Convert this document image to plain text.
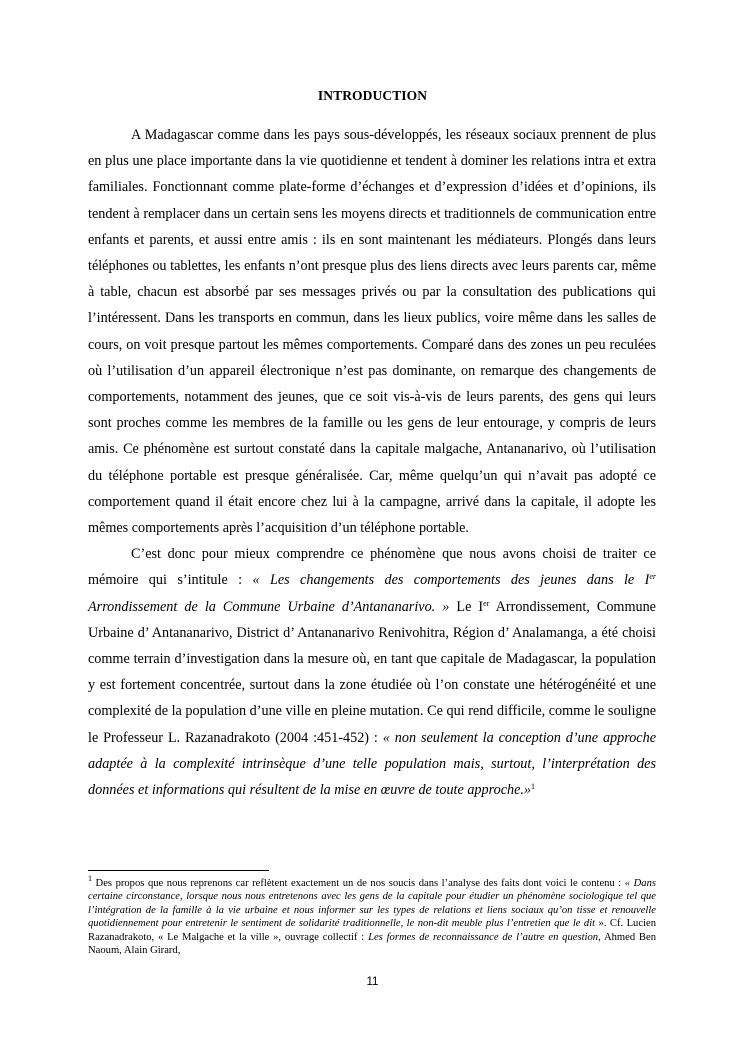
INTRODUCTION

A Madagascar comme dans les pays sous-développés, les réseaux sociaux prennent de plus en plus une place importante dans la vie quotidienne et tendent à dominer les relations intra et extra familiales. Fonctionnant comme plate-forme d’échanges et d’expression d’idées et d’opinions, ils tendent à remplacer dans un certain sens les moyens directs et traditionnels de communication entre enfants et parents, et aussi entre amis : ils en sont maintenant les médiateurs. Plongés dans leurs téléphones ou tablettes, les enfants n’ont presque plus des liens directs avec leurs parents car, même à table, chacun est absorbé par ses messages privés ou par la consultation des publications qui l’intéressent. Dans les transports en commun, dans les lieux publics, voire même dans les salles de cours, on voit presque partout les mêmes comportements. Comparé dans des zones un peu reculées où l’utilisation d’un appareil électronique n’est pas dominante, on remarque des changements de comportements, notamment des jeunes, que ce soit vis-à-vis de leurs parents, des gens qui leurs sont proches comme les membres de la famille ou les gens de leur entourage, y compris de leurs amis. Ce phénomène est surtout constaté dans la capitale malgache, Antananarivo, où l’utilisation du téléphone portable est presque généralisée. Car, même quelqu’un qui n’avait pas adopté ce comportement quand il était encore chez lui à la campagne, arrivé dans la capitale, il adopte les mêmes comportements après l’acquisition d’un téléphone portable.

C’est donc pour mieux comprendre ce phénomène que nous avons choisi de traiter ce mémoire qui s’intitule : « Les changements des comportements des jeunes dans le Ier Arrondissement de la Commune Urbaine d’Antananarivo. » Le Ier Arrondissement, Commune Urbaine d’ Antananarivo, District d’ Antananarivo Renivohitra, Région d’ Analamanga, a été choisi comme terrain d’investigation dans la mesure où, en tant que capitale de Madagascar, la population y est fortement concentrée, surtout dans la zone étudiée où l’on constate une hétérogénéité et une complexité de la population d’une ville en pleine mutation. Ce qui rend difficile, comme le souligne le Professeur L. Razanadrakoto (2004 :451-452) : « non seulement la conception d’une approche adaptée à la complexité intrinsèque d’une telle population mais, surtout, l’interprétation des données et informations qui résultent de la mise en œuvre de toute approche.»$^1$

$^1$ Des propos que nous reprenons car reflètent exactement un de nos soucis dans l’analyse des faits dont voici le contenu : « Dans certaine circonstance, lorsque nous nous entretenons avec les gens de la capitale pour étudier un phénomène sociologique tel que l’intégration de la famille à la vie urbaine et nous informer sur les types de relations et liens sociaux qu’on tisse et renouvelle quotidiennement pour entretenir le sentiment de solidarité traditionnelle, le non-dit meuble plus l’entretien que le dit ». Cf. Lucien Razanadrakoto, « Le Malgache et la ville », ouvrage collectif : Les formes de reconnaissance de l’autre en question, Ahmed Ben Naoum, Alain Girard,

11
